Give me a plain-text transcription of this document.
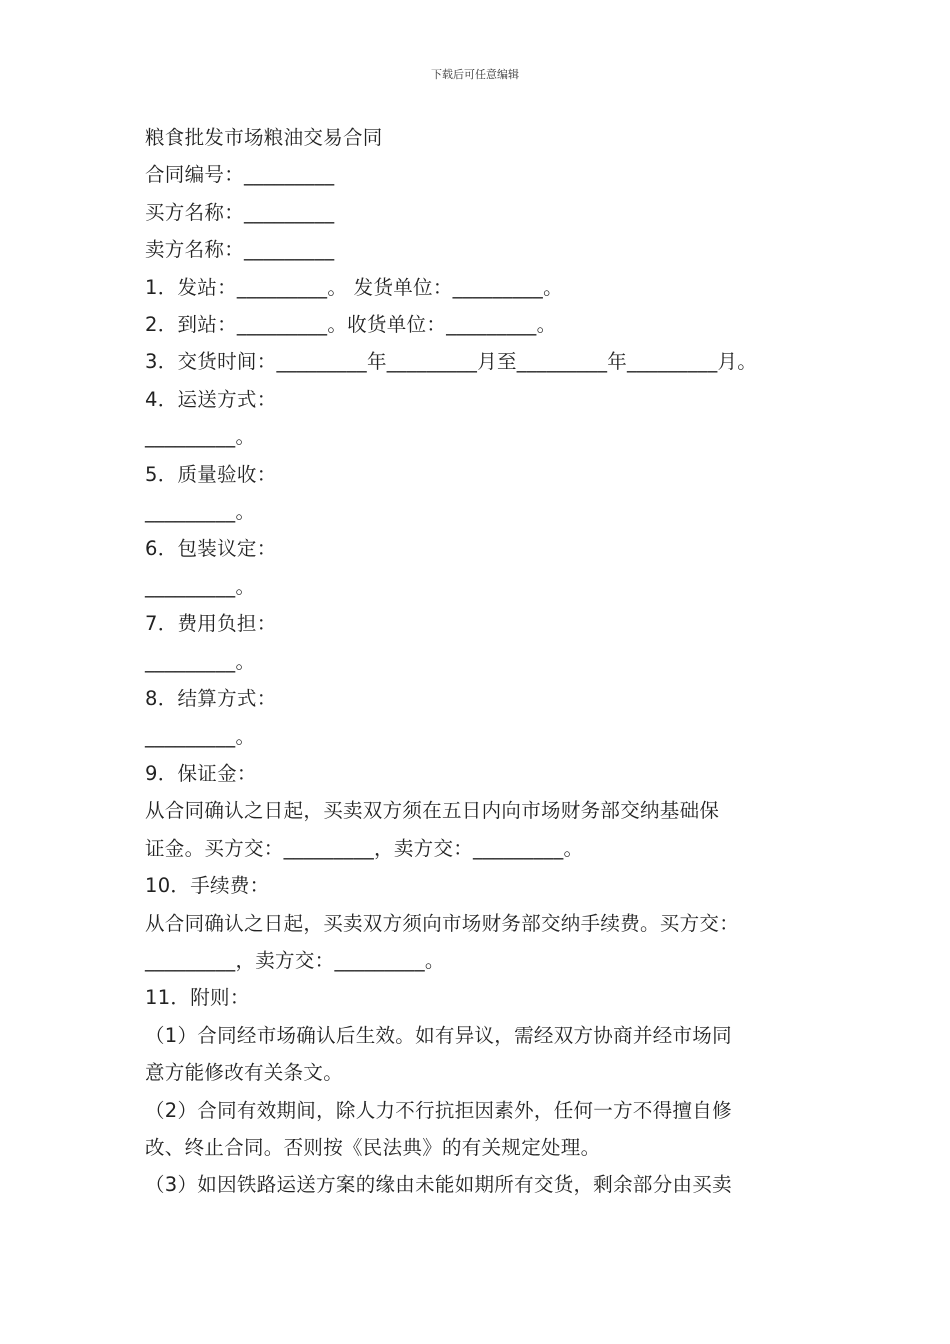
下载后可任意编辑
粮食批发市场粮油交易合同
合同编号：_________
买方名称：_________
卖方名称：_________
1．发站：_________。 发货单位：_________。
2．到站：_________。收货单位：_________。
3．交货时间：_________年_________月至_________年_________月。
4．运送方式：
_________。
5．质量验收：
_________。
6．包装议定：
_________。
7．费用负担：
_________。
8．结算方式：
_________。
9．保证金：
从合同确认之日起，买卖双方须在五日内向市场财务部交纳基础保
证金。买方交：_________，卖方交：_________。
10．手续费：
从合同确认之日起，买卖双方须向市场财务部交纳手续费。买方交：
_________，卖方交：_________。
11．附则：
（1）合同经市场确认后生效。如有异议，需经双方协商并经市场同
意方能修改有关条文。
（2）合同有效期间，除人力不行抗拒因素外，任何一方不得擅自修
改、终止合同。否则按《民法典》的有关规定处理。
（3）如因铁路运送方案的缘由未能如期所有交货，剩余部分由买卖
